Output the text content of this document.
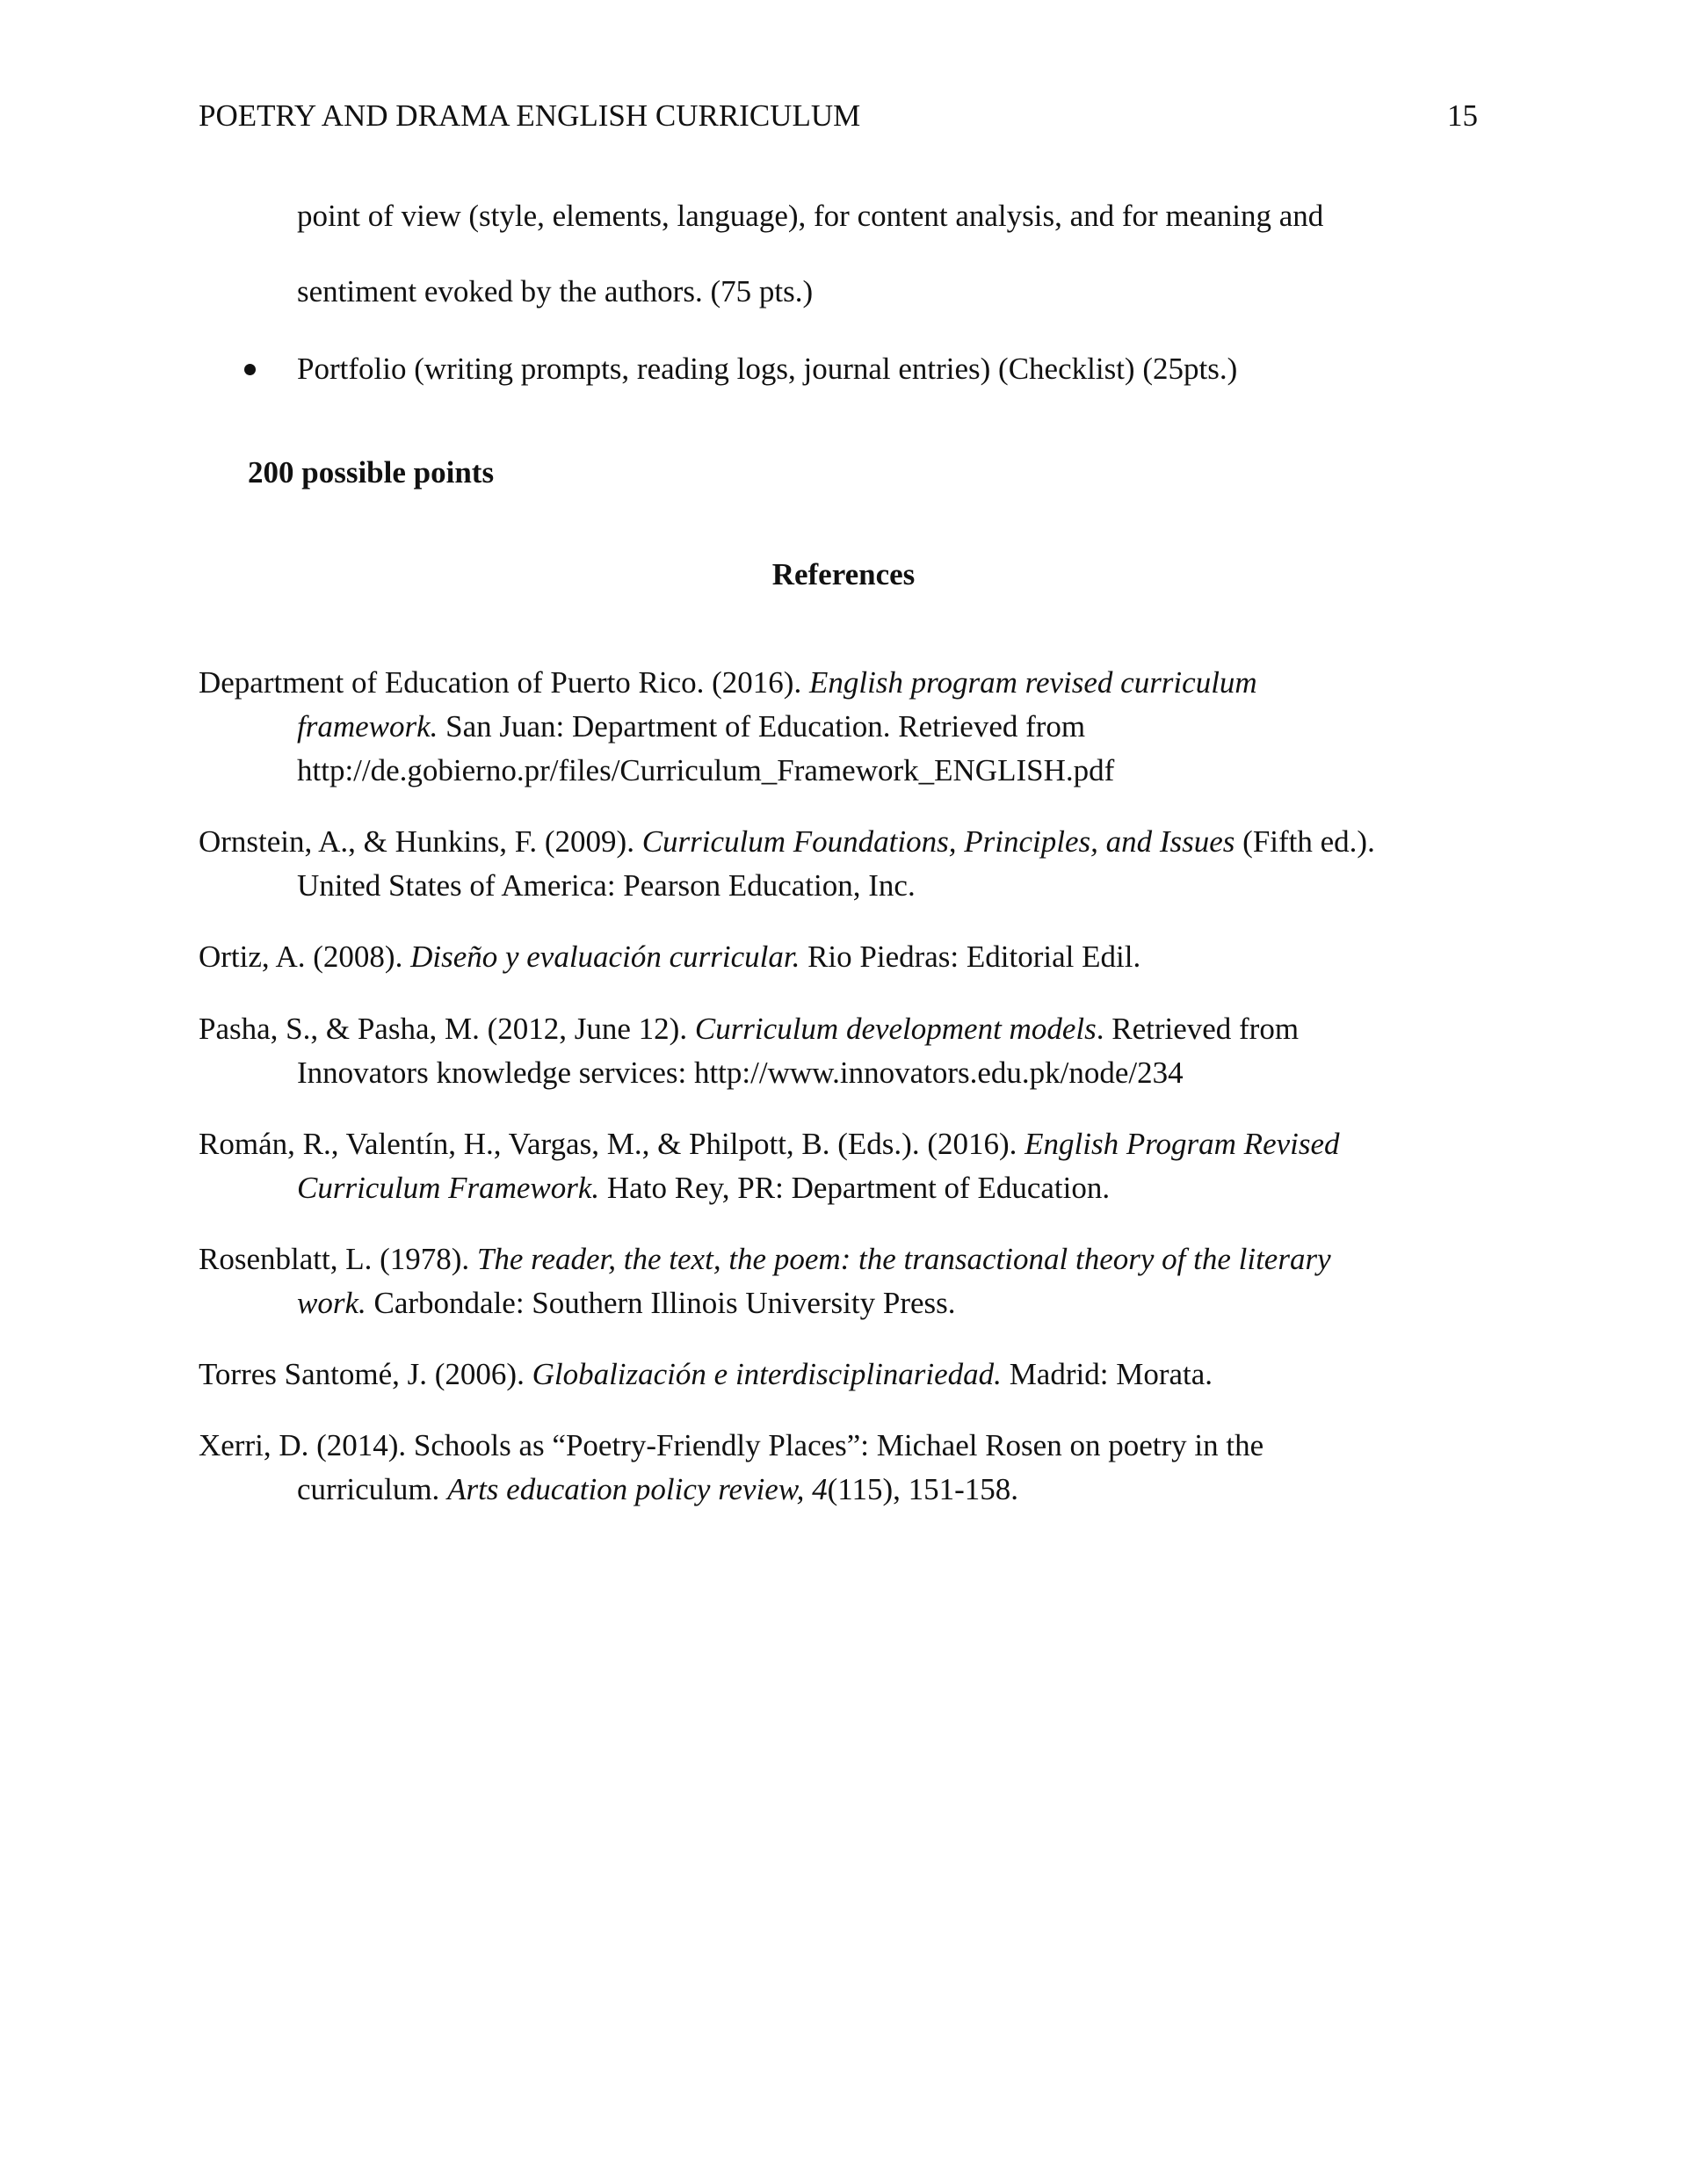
POETRY AND DRAMA ENGLISH CURRICULUM	15
point of view (style, elements, language), for content analysis, and for meaning and
sentiment evoked by the authors. (75 pts.)
Portfolio (writing prompts, reading logs, journal entries) (Checklist) (25pts.)
200 possible points
References
Department of Education of Puerto Rico. (2016). English program revised curriculum
framework. San Juan: Department of Education. Retrieved from
http://de.gobierno.pr/files/Curriculum_Framework_ENGLISH.pdf
Ornstein, A., & Hunkins, F. (2009). Curriculum Foundations, Principles, and Issues (Fifth ed.).
United States of America: Pearson Education, Inc.
Ortiz, A. (2008). Diseño y evaluación curricular. Rio Piedras: Editorial Edil.
Pasha, S., & Pasha, M. (2012, June 12). Curriculum development models. Retrieved from
Innovators knowledge services: http://www.innovators.edu.pk/node/234
Román, R., Valentín, H., Vargas, M., & Philpott, B. (Eds.). (2016). English Program Revised
Curriculum Framework. Hato Rey, PR: Department of Education.
Rosenblatt, L. (1978). The reader, the text, the poem: the transactional theory of the literary
work. Carbondale: Southern Illinois University Press.
Torres Santomé, J. (2006). Globalización e interdisciplinariedad. Madrid: Morata.
Xerri, D. (2014). Schools as “Poetry-Friendly Places”: Michael Rosen on poetry in the
curriculum. Arts education policy review, 4(115), 151-158.
